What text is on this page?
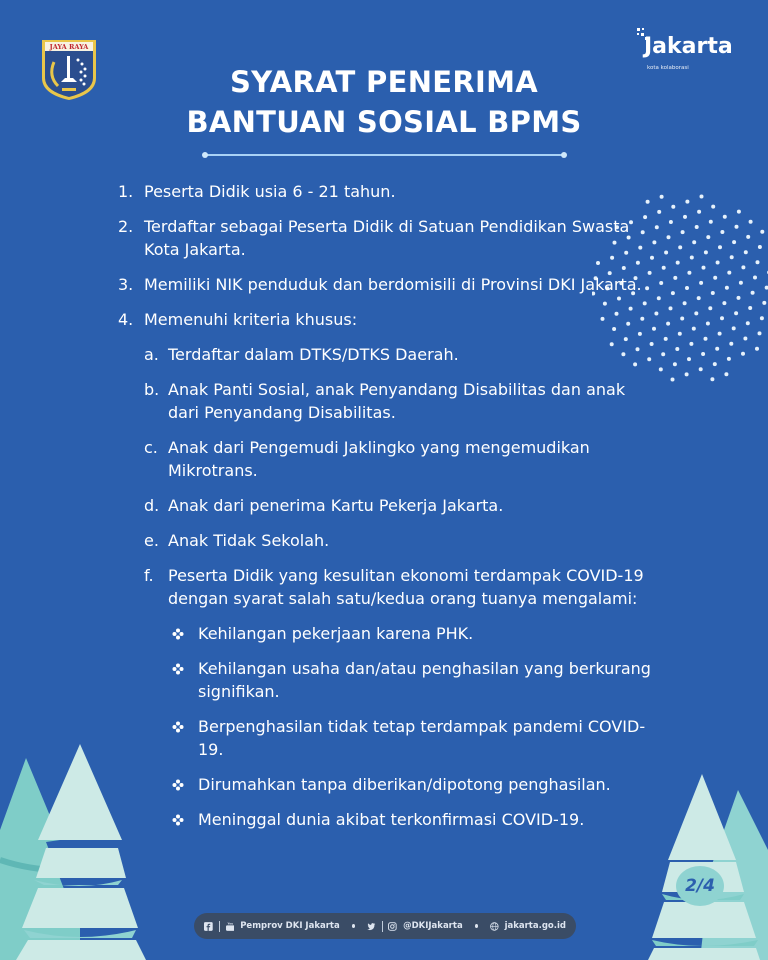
JAYA RAYA	Jakarta
kota kolaborasi
SYARAT PENERIMA
BANTUAN SOSIAL BPMS
1. Peserta Didik usia 6 - 21 tahun.
2. Terdaftar sebagai Peserta Didik di Satuan Pendidikan Swasta Kota Jakarta.
3. Memiliki NIK penduduk dan berdomisili di Provinsi DKI Jakarta.
4. Memenuhi kriteria khusus:
a. Terdaftar dalam DTKS/DTKS Daerah.
b. Anak Panti Sosial, anak Penyandang Disabilitas dan anak dari Penyandang Disabilitas.
c. Anak dari Pengemudi Jaklingko yang mengemudikan Mikrotrans.
d. Anak dari penerima Kartu Pekerja Jakarta.
e. Anak Tidak Sekolah.
f. Peserta Didik yang kesulitan ekonomi terdampak COVID-19 dengan syarat salah satu/kedua orang tuanya mengalami:
Kehilangan pekerjaan karena PHK.
Kehilangan usaha dan/atau penghasilan yang berkurang signifikan.
Berpenghasilan tidak tetap terdampak pandemi COVID-19.
Dirumahkan tanpa diberikan/dipotong penghasilan.
Meninggal dunia akibat terkonfirmasi COVID-19.
2/4
You Pemprov DKI Jakarta	@DKIJakarta	jakarta.go.id
